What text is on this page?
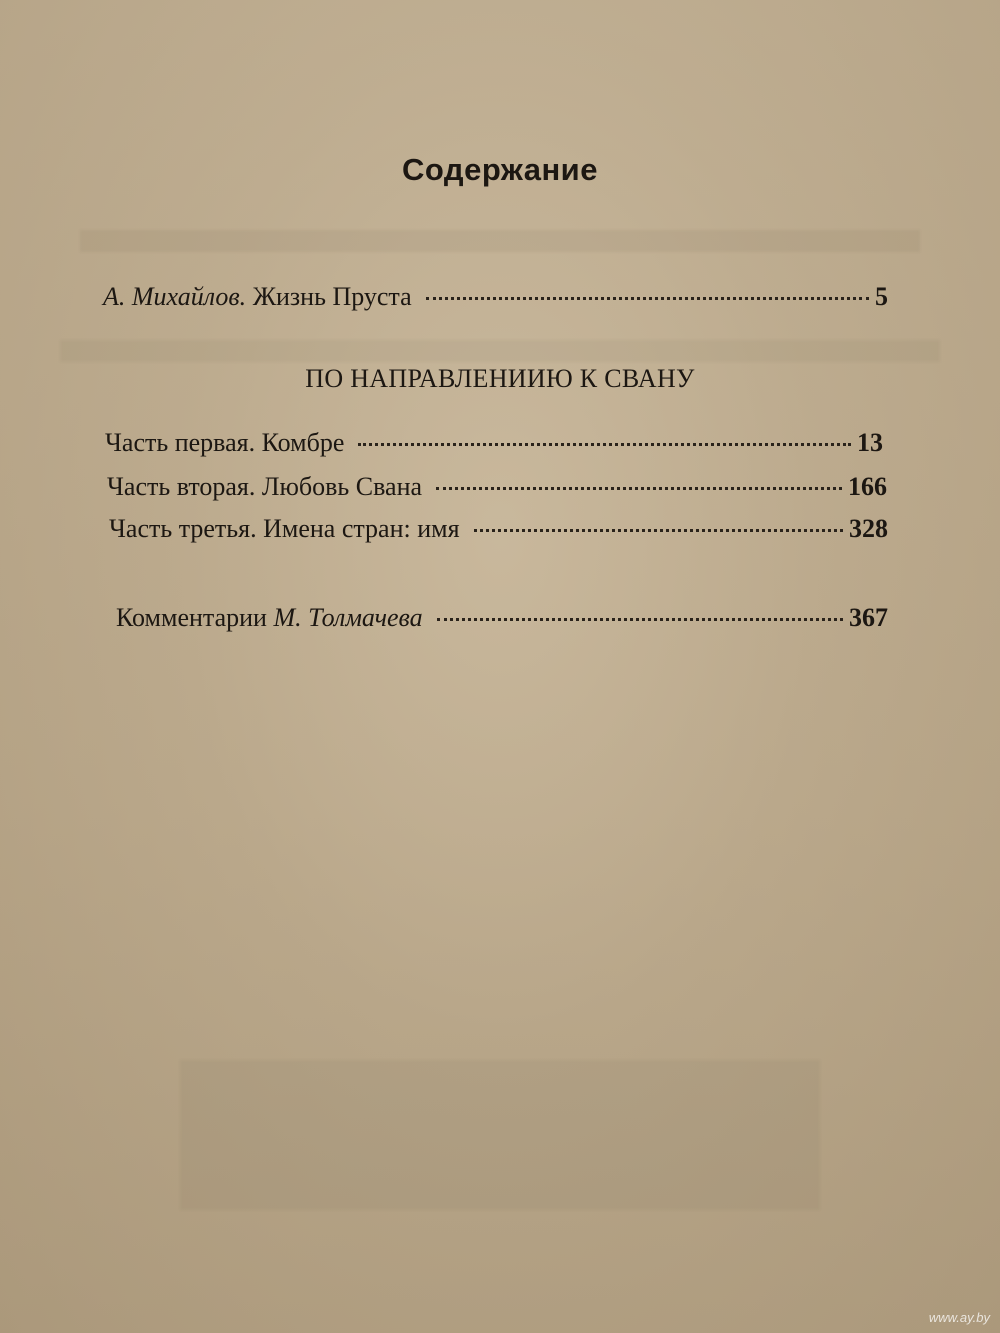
Содержание
А. Михайлов. Жизнь Пруста	5
ПО НАПРАВЛЕНИИЮ К СВАНУ
Часть первая. Комбре	13
Часть вторая. Любовь Свана	166
Часть третья. Имена стран: имя	328
Комментарии М. Толмачева	367
www.ay.by
